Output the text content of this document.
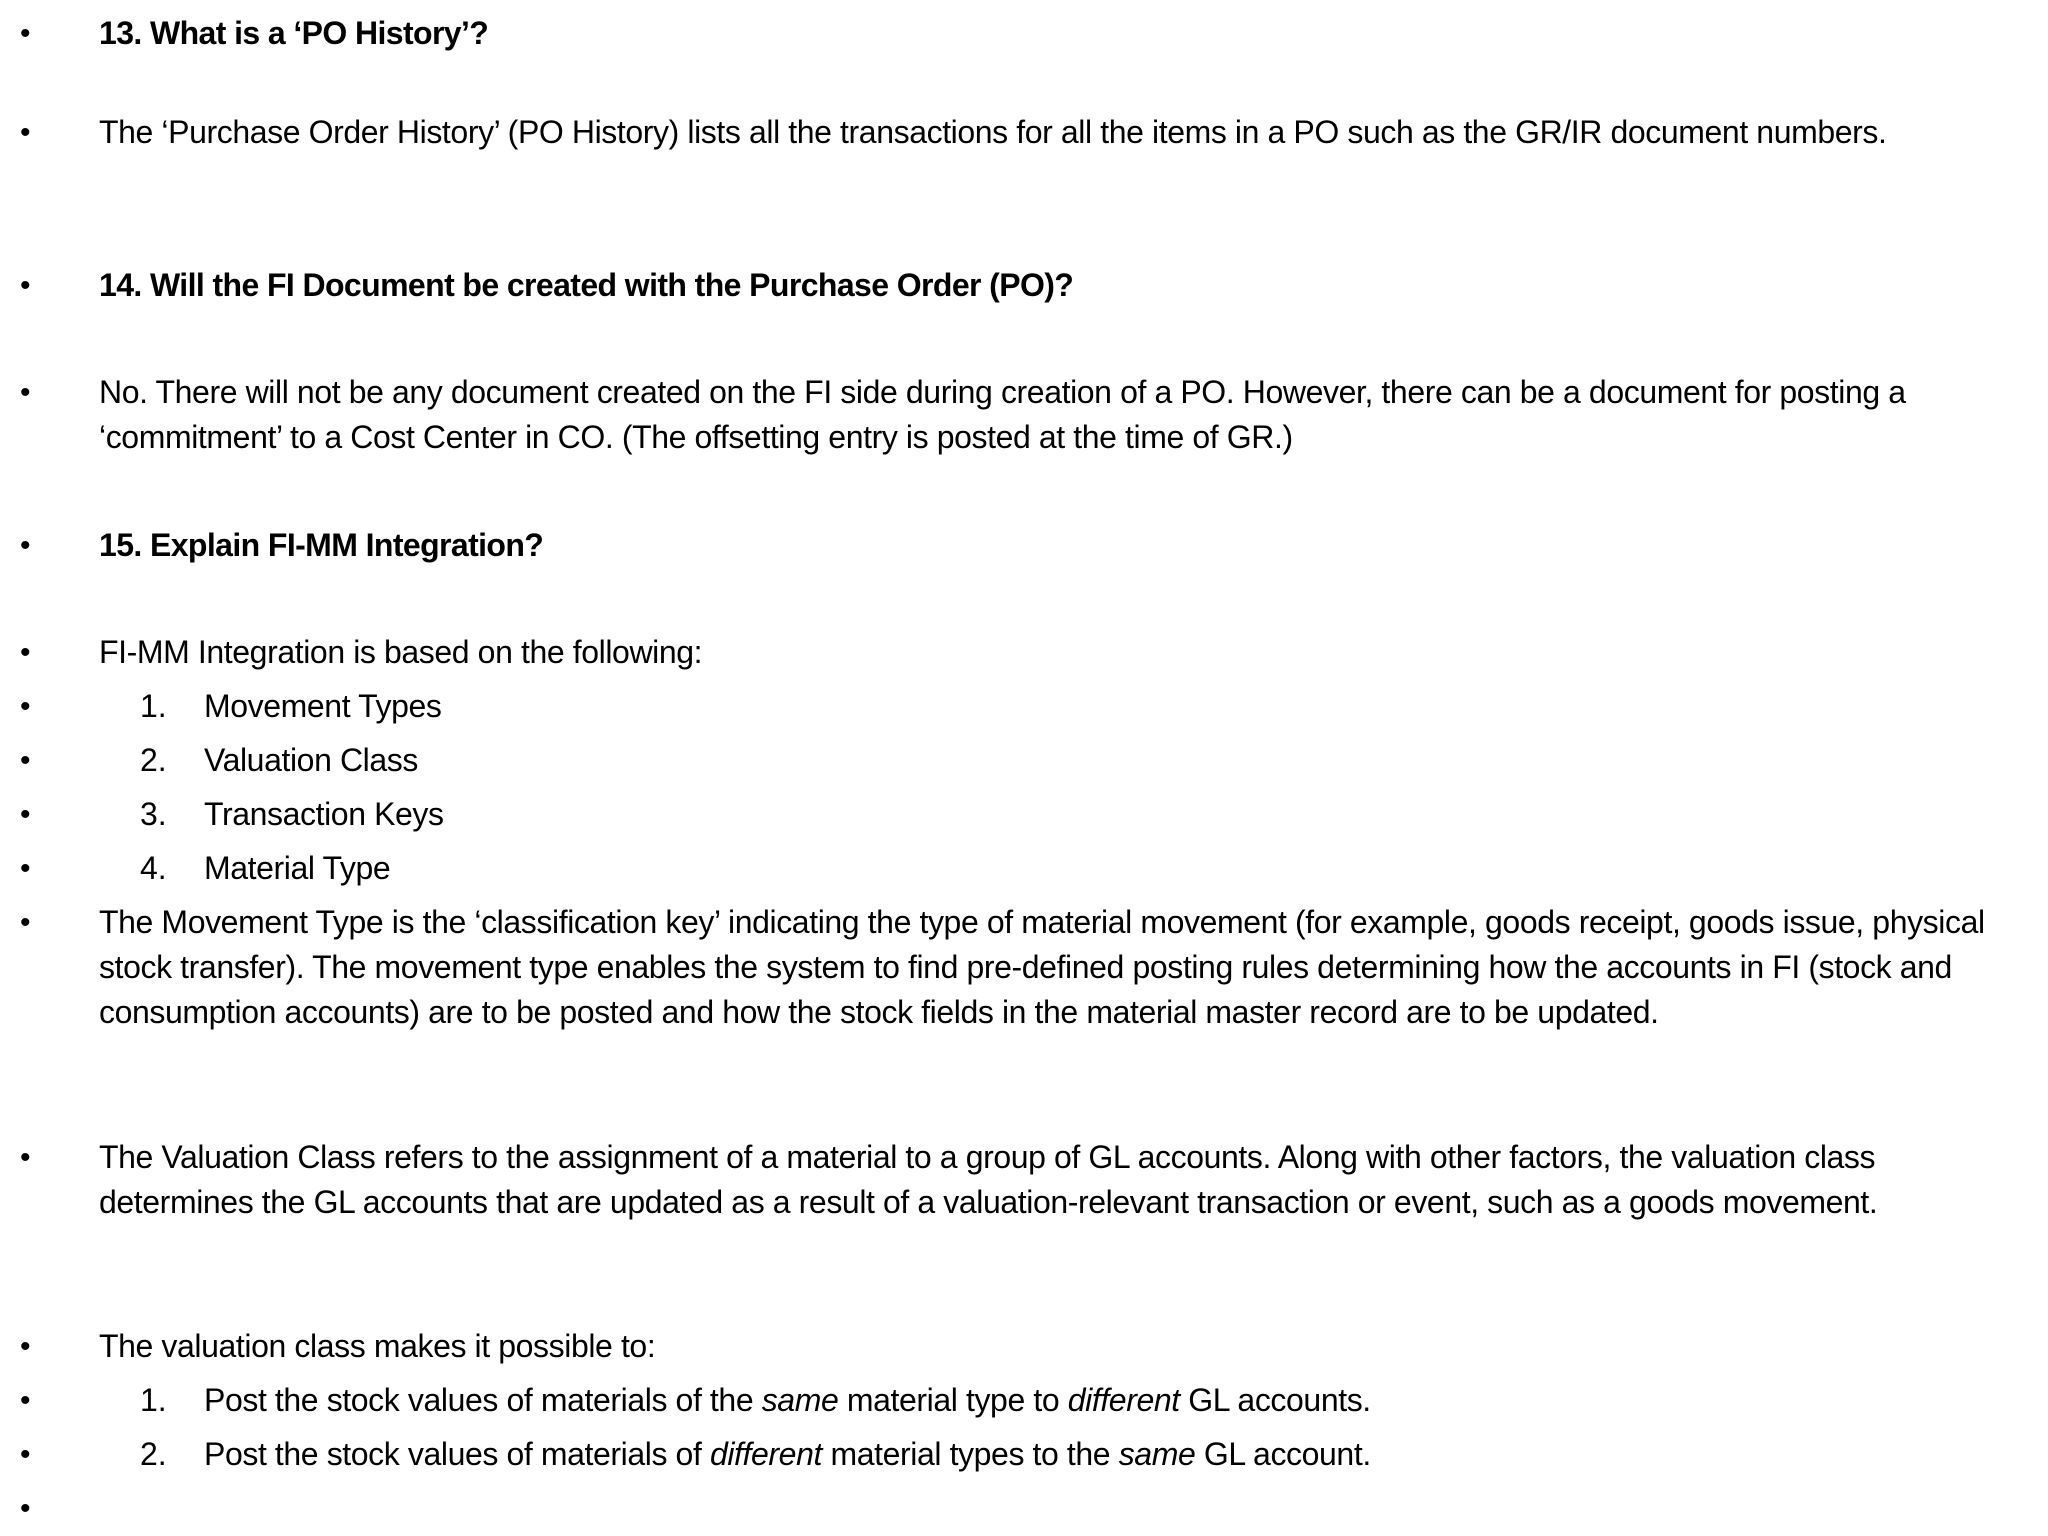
• 13. What is a ‘PO History’?
• The ‘Purchase Order History’ (PO History) lists all the transactions for all the items in a PO such as the GR/IR document numbers.
• 14. Will the FI Document be created with the Purchase Order (PO)?
• No. There will not be any document created on the FI side during creation of a PO. However, there can be a document for posting a ‘commitment’ to a Cost Center in CO. (The offsetting entry is posted at the time of GR.)
• 15. Explain FI-MM Integration?
• FI-MM Integration is based on the following:
•	1.	Movement Types
•	2.	Valuation Class
•	3.	Transaction Keys
•	4.	Material Type
• The Movement Type is the ‘classification key’ indicating the type of material movement (for example, goods receipt, goods issue, physical stock transfer). The movement type enables the system to find pre-defined posting rules determining how the accounts in FI (stock and consumption accounts) are to be posted and how the stock fields in the material master record are to be updated.
• The Valuation Class refers to the assignment of a material to a group of GL accounts. Along with other factors, the valuation class determines the GL accounts that are updated as a result of a valuation-relevant transaction or event, such as a goods movement.
• The valuation class makes it possible to:
•	1.	Post the stock values of materials of the same material type to different GL accounts.
•	2.	Post the stock values of materials of different material types to the same GL account.
•
